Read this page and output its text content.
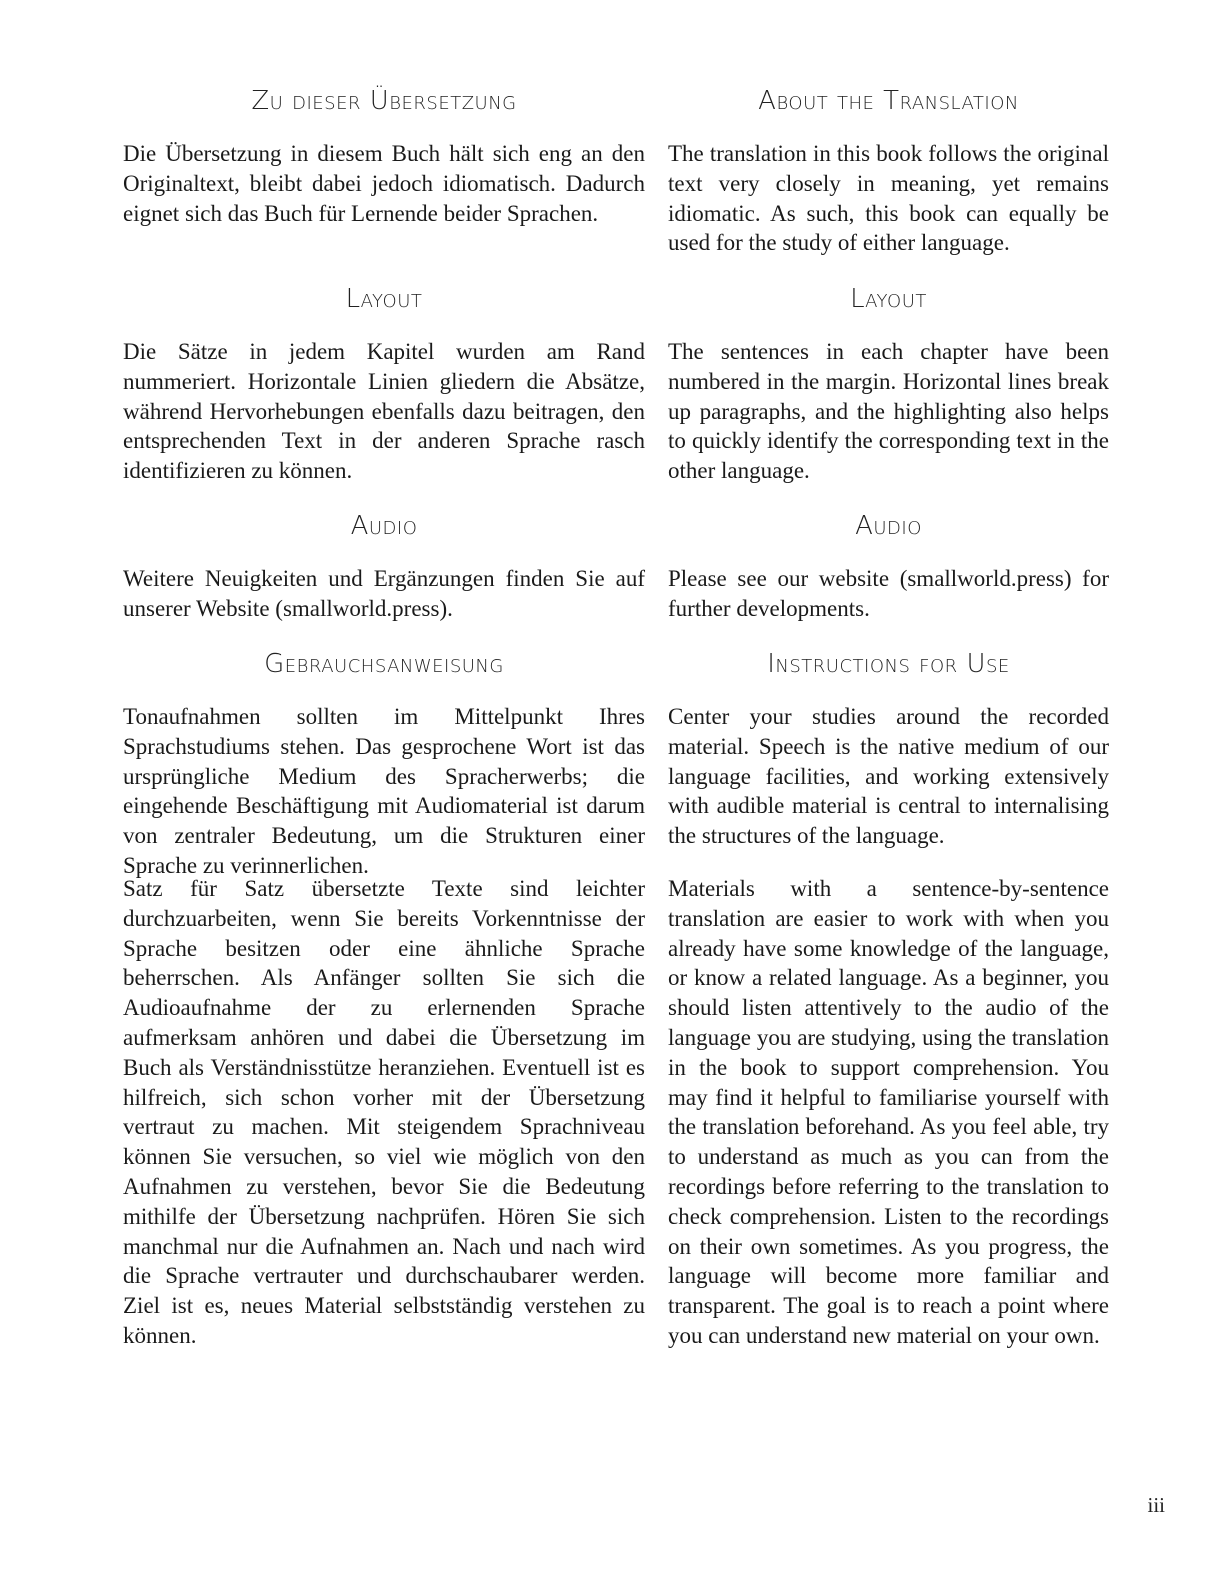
Zu dieser Übersetzung

Die Übersetzung in diesem Buch hält sich eng an den Originaltext, bleibt dabei jedoch idiomatisch. Dadurch eignet sich das Buch für Lernende beider Sprachen.

Layout

Die Sätze in jedem Kapitel wurden am Rand nummeriert. Horizontale Linien gliedern die Absätze, während Hervorhebungen ebenfalls dazu beitragen, den entsprechenden Text in der anderen Sprache rasch identifizieren zu können.

Audio

Weitere Neuigkeiten und Ergänzungen finden Sie auf unserer Website (smallworld.press).

Gebrauchsanweisung

Tonaufnahmen sollten im Mittelpunkt Ihres Sprachstudiums stehen. Das gesprochene Wort ist das ursprüngliche Medium des Spracherwerbs; die eingehende Beschäftigung mit Audiomaterial ist darum von zentraler Bedeutung, um die Strukturen einer Sprache zu verinnerlichen.

Satz für Satz übersetzte Texte sind leichter durchzuarbeiten, wenn Sie bereits Vorkenntnisse der Sprache besitzen oder eine ähnliche Sprache beherrschen. Als Anfänger sollten Sie sich die Audioaufnahme der zu erlernenden Sprache aufmerksam anhören und dabei die Übersetzung im Buch als Verständnisstütze heranziehen. Eventuell ist es hilfreich, sich schon vorher mit der Übersetzung vertraut zu machen. Mit steigendem Sprachniveau können Sie versuchen, so viel wie möglich von den Aufnahmen zu verstehen, bevor Sie die Bedeutung mithilfe der Übersetzung nachprüfen. Hören Sie sich manchmal nur die Aufnahmen an. Nach und nach wird die Sprache vertrauter und durchschaubarer werden. Ziel ist es, neues Material selbstständig verstehen zu können.

About the Translation

The translation in this book follows the original text very closely in meaning, yet remains idiomatic. As such, this book can equally be used for the study of either language.

Layout

The sentences in each chapter have been numbered in the margin. Horizontal lines break up paragraphs, and the highlighting also helps to quickly identify the corresponding text in the other language.

Audio

Please see our website (smallworld.press) for further developments.

Instructions for Use

Center your studies around the recorded material. Speech is the native medium of our language facilities, and working extensively with audible material is central to internalising the structures of the language.

Materials with a sentence-by-sentence translation are easier to work with when you already have some knowledge of the language, or know a related language. As a beginner, you should listen attentively to the audio of the language you are studying, using the translation in the book to support comprehension. You may find it helpful to familiarise yourself with the translation beforehand. As you feel able, try to understand as much as you can from the recordings before referring to the translation to check comprehension. Listen to the recordings on their own sometimes. As you progress, the language will become more familiar and transparent. The goal is to reach a point where you can understand new material on your own.

iii
